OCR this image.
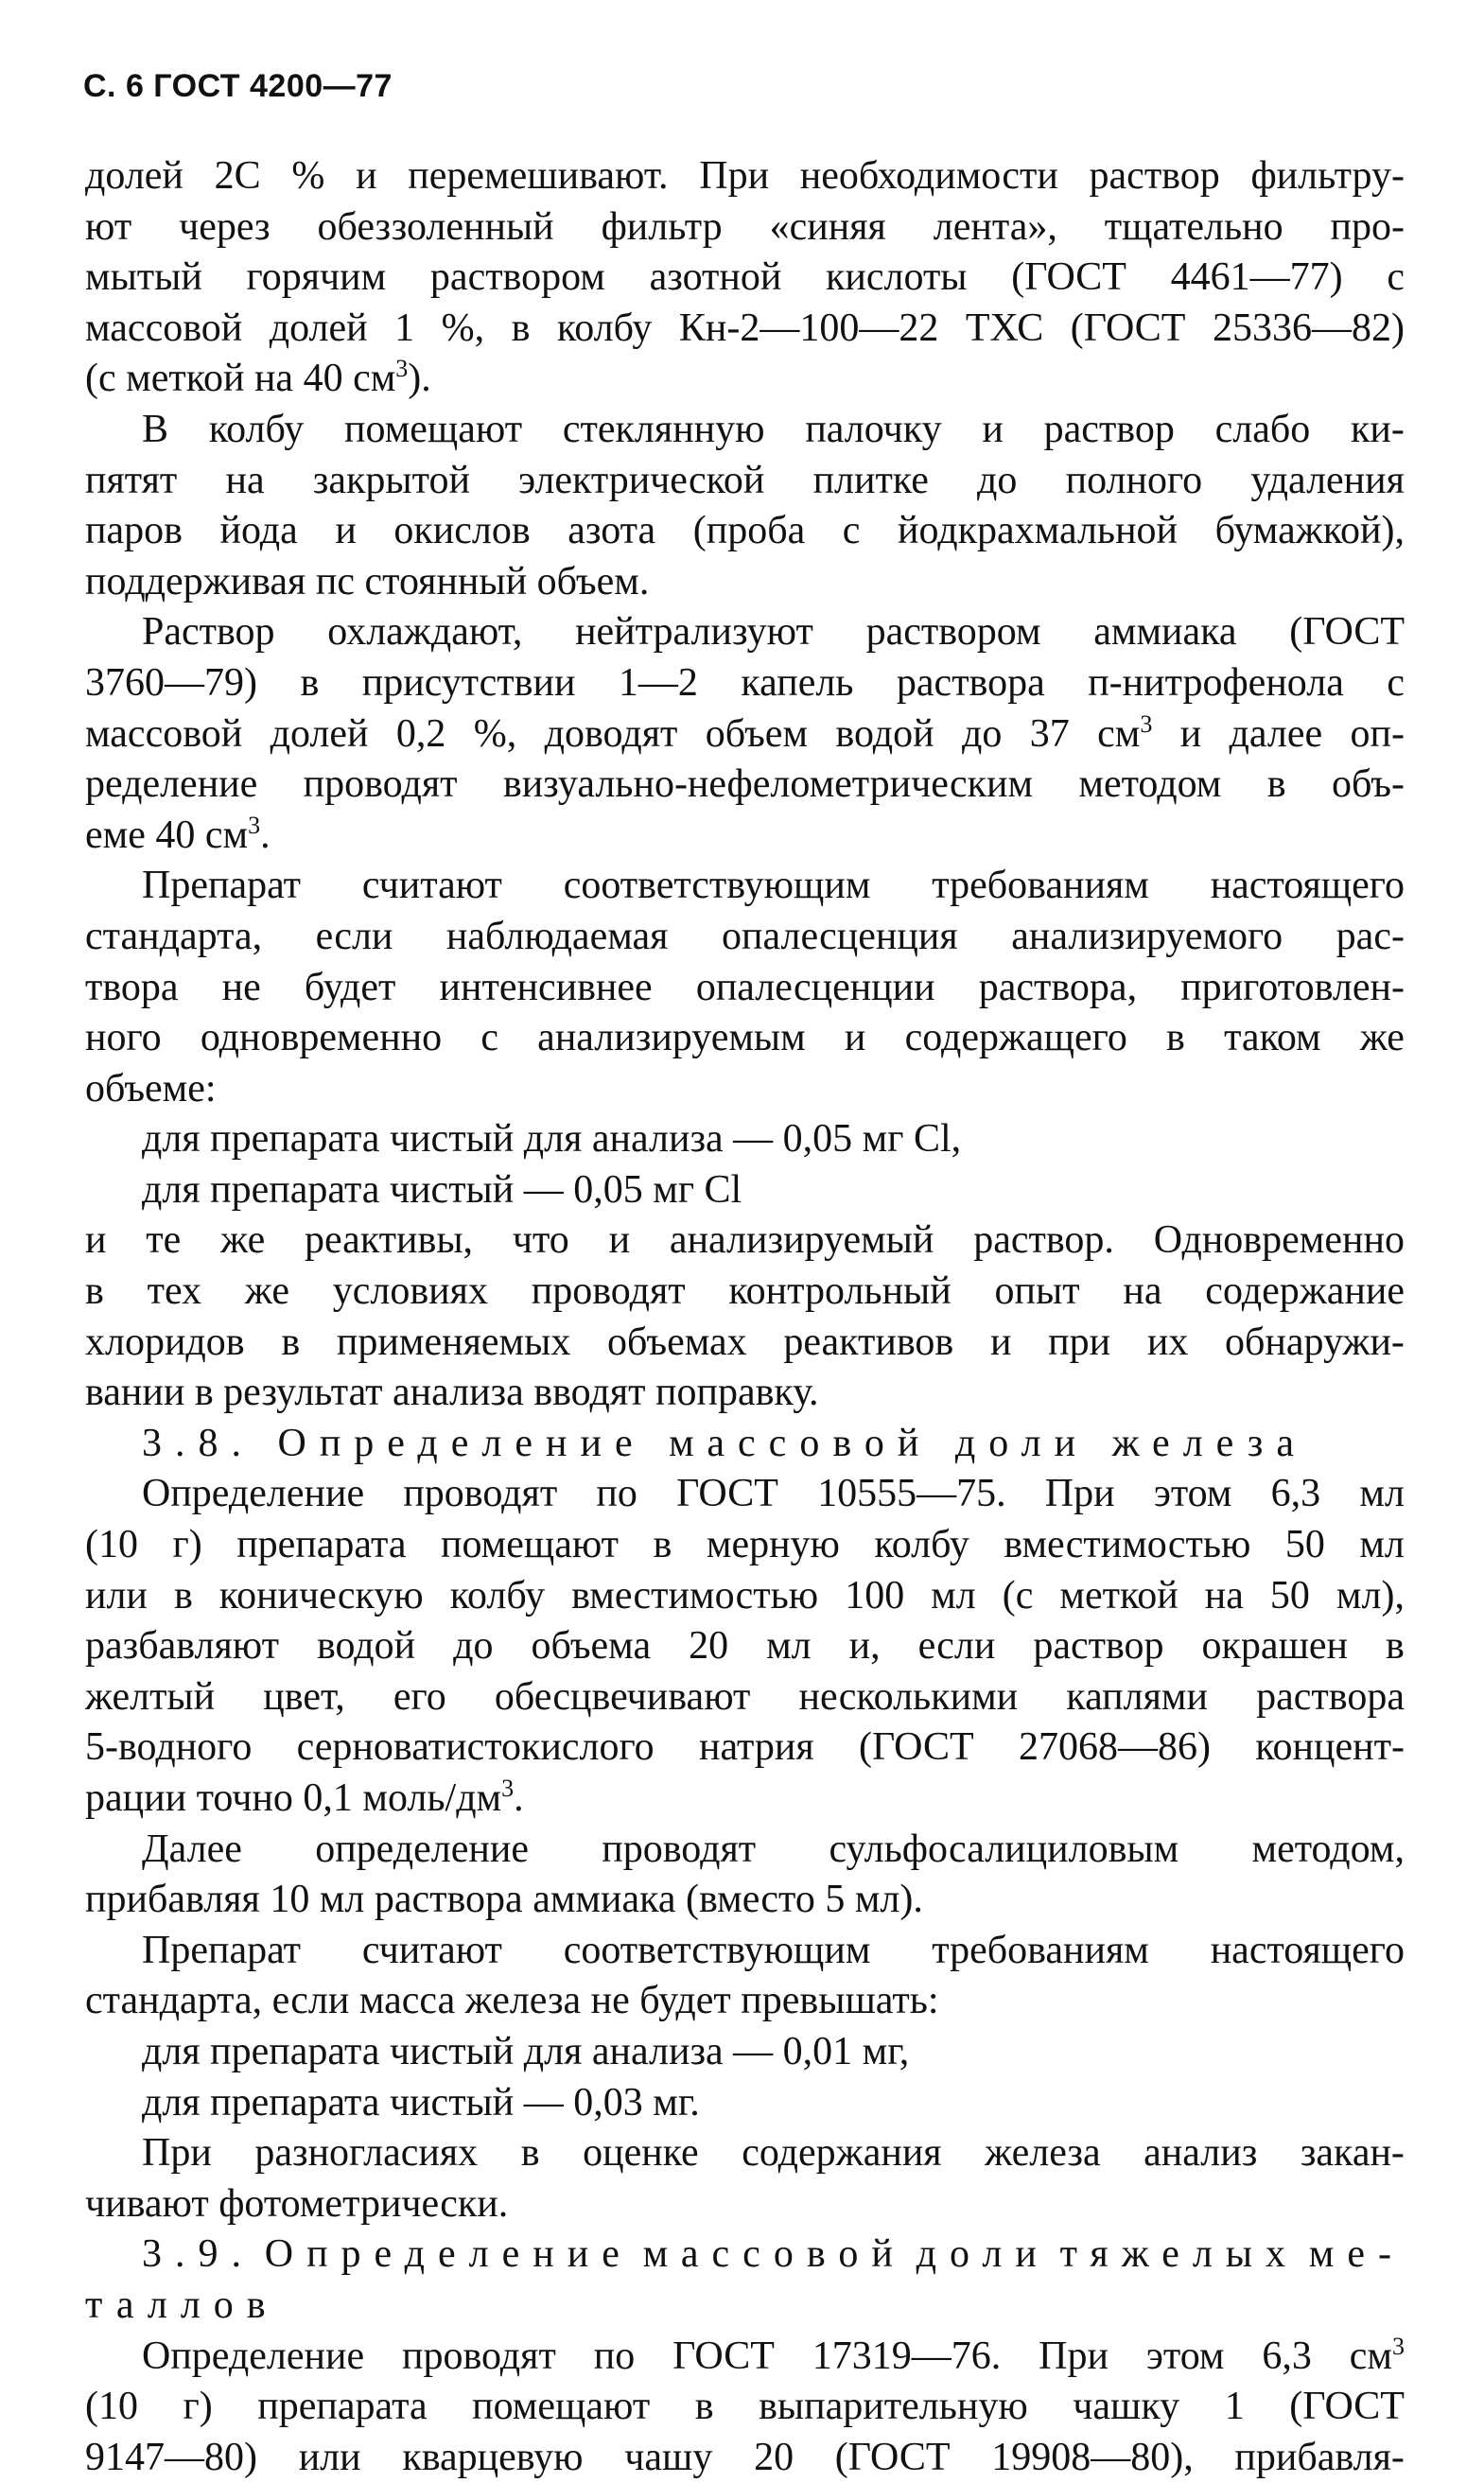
С. 6 ГОСТ 4200—77
долей 2С % и перемешивают. При необходимости раствор фильтру-
ют через обеззоленный фильтр «синяя лента», тщательно про-
мытый горячим раствором азотной кислоты (ГОСТ 4461—77) с
массовой долей 1 %, в колбу Кн-2—100—22 ТХС (ГОСТ 25336—82)
(с меткой на 40 $см^3$).
В колбу помещают стеклянную палочку и раствор слабо ки-
пятят на закрытой электрической плитке до полного удаления
паров йода и окислов азота (проба с йодкрахмальной бумажкой),
поддерживая пс стоянный объем.
Раствор охлаждают, нейтрализуют раствором аммиака (ГОСТ
3760—79) в присутствии 1—2 капель раствора п-нитрофенола с
массовой долей 0,2 %, доводят объем водой до 37 $см^3$ и далее оп-
ределение проводят визуально-нефелометрическим методом в объ-
еме 40 $см^3$.
Препарат считают соответствующим требованиям настоящего
стандарта, если наблюдаемая опалесценция анализируемого рас-
твора не будет интенсивнее опалесценции раствора, приготовлен-
ного одновременно с анализируемым и содержащего в таком же
объеме:
для препарата чистый для анализа — 0,05 мг Cl,
для препарата чистый — 0,05 мг Cl
и те же реактивы, что и анализируемый раствор. Одновременно
в тех же условиях проводят контрольный опыт на содержание
хлоридов в применяемых объемах реактивов и при их обнаружи-
вании в результат анализа вводят поправку.
3.8. Определение массовой доли железа
Определение проводят по ГОСТ 10555—75. При этом 6,3 мл
(10 г) препарата помещают в мерную колбу вместимостью 50 мл
или в коническую колбу вместимостью 100 мл (с меткой на 50 мл),
разбавляют водой до объема 20 мл и, если раствор окрашен в
желтый цвет, его обесцвечивают несколькими каплями раствора
5-водного серноватистокислого натрия (ГОСТ 27068—86) концент-
рации точно 0,1 моль/$дм^3$.
Далее определение проводят сульфосалициловым методом,
прибавляя 10 мл раствора аммиака (вместо 5 мл).
Препарат считают соответствующим требованиям настоящего
стандарта, если масса железа не будет превышать:
для препарата чистый для анализа — 0,01 мг,
для препарата чистый — 0,03 мг.
При разногласиях в оценке содержания железа анализ закан-
чивают фотометрически.
3.9. Определение массовой доли тяжелых ме-
таллов
Определение проводят по ГОСТ 17319—76. При этом 6,3 $см^3$
(10 г) препарата помещают в выпарительную чашку 1 (ГОСТ
9147—80) или кварцевую чашу 20 (ГОСТ 19908—80), прибавля-
